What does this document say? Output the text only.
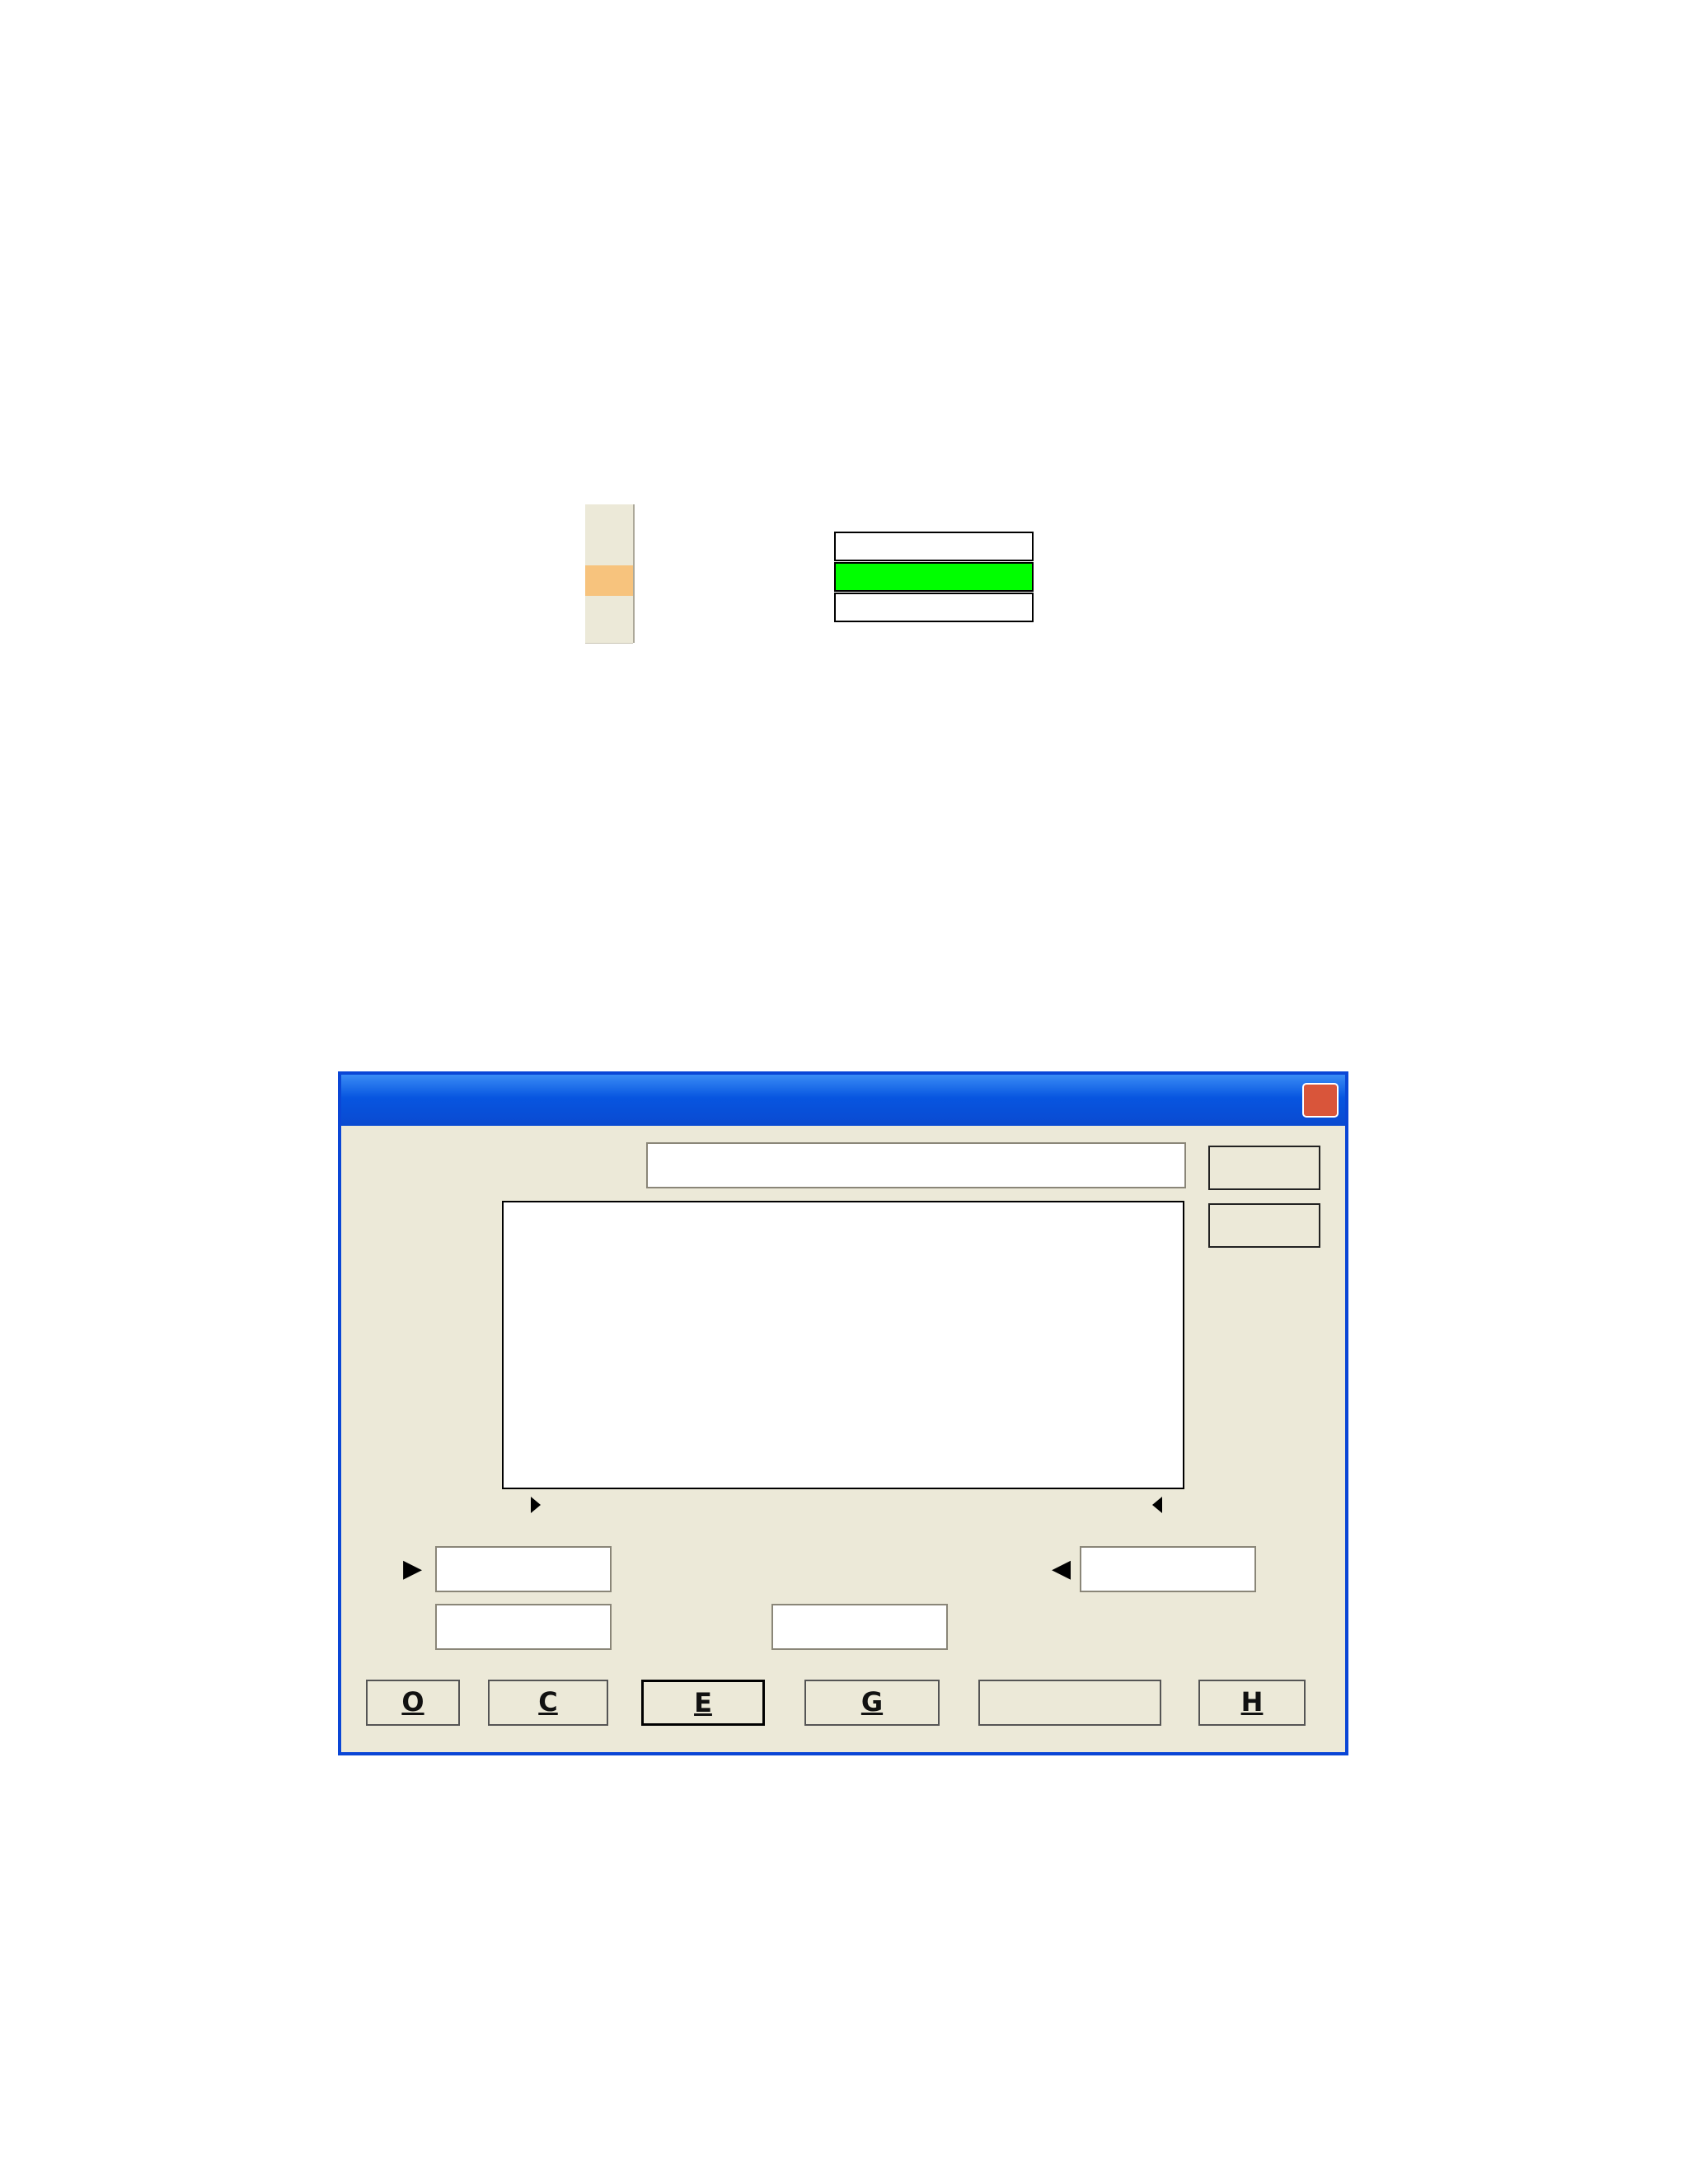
▶	◀
O	C	E	G	H
